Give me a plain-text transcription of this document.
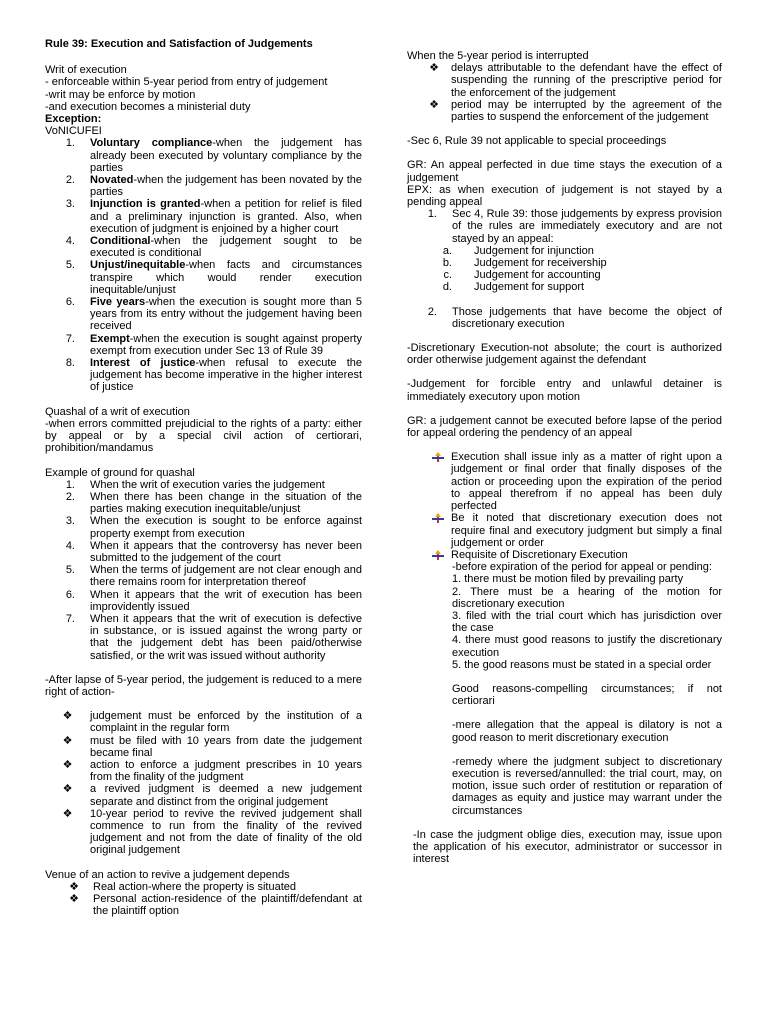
Rule 39: Execution and Satisfaction of Judgements

Writ of execution

- enforceable within 5-year period from entry of judgement

-writ may be enforce by motion

-and execution becomes a ministerial duty

Exception:

VoNICUFEI

1.	Voluntary compliance-when the judgement has already been executed by voluntary compliance by the parties
2.	Novated-when the judgement has been novated by the parties
3.	Injunction is granted-when a petition for relief is filed and a preliminary injunction is granted. Also, when execution of judgment is enjoined by a higher court
4.	Conditional-when the judgement sought to be executed is conditional
5.	Unjust/inequitable-when facts and circumstances transpire which would render execution inequitable/unjust
6.	Five years-when the execution is sought more than 5 years from its entry without the judgement having been received
7.	Exempt-when the execution is sought against property exempt from execution under Sec 13 of Rule 39
8.	Interest of justice-when refusal to execute the judgement has become imperative in the higher interest of justice

Quashal of a writ of execution

-when errors committed prejudicial to the rights of a party: either by appeal or by a special civil action of certiorari, prohibition/mandamus

Example of ground for quashal

1.	When the writ of execution varies the judgement
2.	When there has been change in the situation of the parties making execution inequitable/unjust
3.	When the execution is sought to be enforce against property exempt from execution
4.	When it appears that the controversy has never been submitted to the judgement of the court
5.	When the terms of judgement are not clear enough and there remains room for interpretation thereof
6.	When it appears that the writ of execution has been improvidently issued
7.	When it appears that the writ of execution is defective in substance, or is issued against the wrong party or that the judgement debt has been paid/otherwise satisfied, or the writ was issued without authority

-After lapse of 5-year period, the judgement is reduced to a mere right of action-

❖	judgement must be enforced by the institution of a complaint in the regular form
❖	must be filed with 10 years from date the judgement became final
❖	action to enforce a judgment prescribes in 10 years from the finality of the judgment
❖	a revived judgment is deemed a new judgement separate and distinct from the original judgement
❖	10-year period to revive the revived judgement shall commence to run from the finality of the revived judgement and not from the date of finality of the old original judgement

Venue of an action to revive a judgement depends

❖	Real action-where the property is situated
❖	Personal action-residence of the plaintiff/defendant at the plaintiff option

When the 5-year period is interrupted

❖	delays attributable to the defendant have the effect of suspending the running of the prescriptive period for the enforcement of the judgement
❖	period may be interrupted by the agreement of the parties to suspend the enforcement of the judgement

-Sec 6, Rule 39 not applicable to special proceedings

GR: An appeal perfected in due time stays the execution of a judgement

EPX: as when execution of judgement is not stayed by a pending appeal

1.	Sec 4, Rule 39: those judgements by express provision of the rules are immediately executory and are not stayed by an appeal:
a.	Judgement for injunction
b.	Judgement for receivership
c.	Judgement for accounting
d.	Judgement for support
2.	Those judgements that have become the object of discretionary execution

-Discretionary Execution-not absolute; the court is authorized order otherwise judgement against the defendant

-Judgement for forcible entry and unlawful detainer is immediately executory upon motion

GR: a judgement cannot be executed before lapse of the period for appeal ordering the pendency of an appeal

Execution shall issue inly as a matter of right upon a judgement or final order that finally disposes of the action or proceeding upon the expiration of the period to appeal therefrom if no appeal has been duly perfected
Be it noted that discretionary execution does not require final and executory judgment but simply a final judgement or order
Requisite of Discretionary Execution

-before expiration of the period for appeal or pending:

1. there must be motion filed by prevailing party

2. There must be a hearing of the motion for discretionary execution

3. filed with the trial court which has jurisdiction over the case

4. there must good reasons to justify the discretionary execution

5. the good reasons must be stated in a special order

Good reasons-compelling circumstances; if not certiorari

-mere allegation that the appeal is dilatory is not a good reason to merit discretionary execution

-remedy where the judgment subject to discretionary execution is reversed/annulled: the trial court, may, on motion, issue such order of restitution or reparation of damages as equity and justice may warrant under the circumstances

-In case the judgment oblige dies, execution may, issue upon the application of his executor, administrator or successor in interest
